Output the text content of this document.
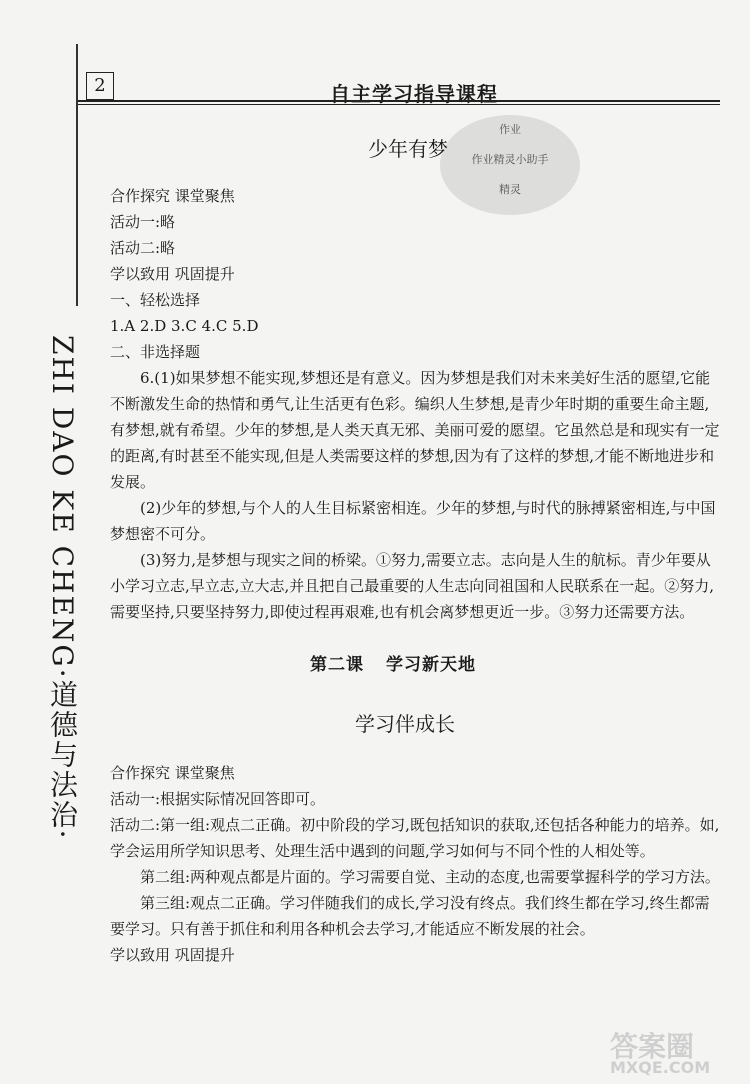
2	自主学习指导课程
ZHI DAO KE CHENG·道德与法治·
作业
作业精灵小助手
精灵
少年有梦

合作探究 课堂聚焦

活动一:略

活动二:略

学以致用 巩固提升

一、轻松选择

1.A 2.D 3.C 4.C 5.D

二、非选择题

6.(1)如果梦想不能实现,梦想还是有意义。因为梦想是我们对未来美好生活的愿望,它能不断激发生命的热情和勇气,让生活更有色彩。编织人生梦想,是青少年时期的重要生命主题,有梦想,就有希望。少年的梦想,是人类天真无邪、美丽可爱的愿望。它虽然总是和现实有一定的距离,有时甚至不能实现,但是人类需要这样的梦想,因为有了这样的梦想,才能不断地进步和发展。

(2)少年的梦想,与个人的人生目标紧密相连。少年的梦想,与时代的脉搏紧密相连,与中国梦想密不可分。

(3)努力,是梦想与现实之间的桥梁。①努力,需要立志。志向是人生的航标。青少年要从小学习立志,早立志,立大志,并且把自己最重要的人生志向同祖国和人民联系在一起。②努力,需要坚持,只要坚持努力,即使过程再艰难,也有机会离梦想更近一步。③努力还需要方法。

第二课 学习新天地
学习伴成长

合作探究 课堂聚焦

活动一:根据实际情况回答即可。

活动二:第一组:观点二正确。初中阶段的学习,既包括知识的获取,还包括各种能力的培养。如,学会运用所学知识思考、处理生活中遇到的问题,学习如何与不同个性的人相处等。

第二组:两种观点都是片面的。学习需要自觉、主动的态度,也需要掌握科学的学习方法。

第三组:观点二正确。学习伴随我们的成长,学习没有终点。我们终生都在学习,终生都需要学习。只有善于抓住和利用各种机会去学习,才能适应不断发展的社会。

学以致用 巩固提升

答案圈
MXQE.COM
